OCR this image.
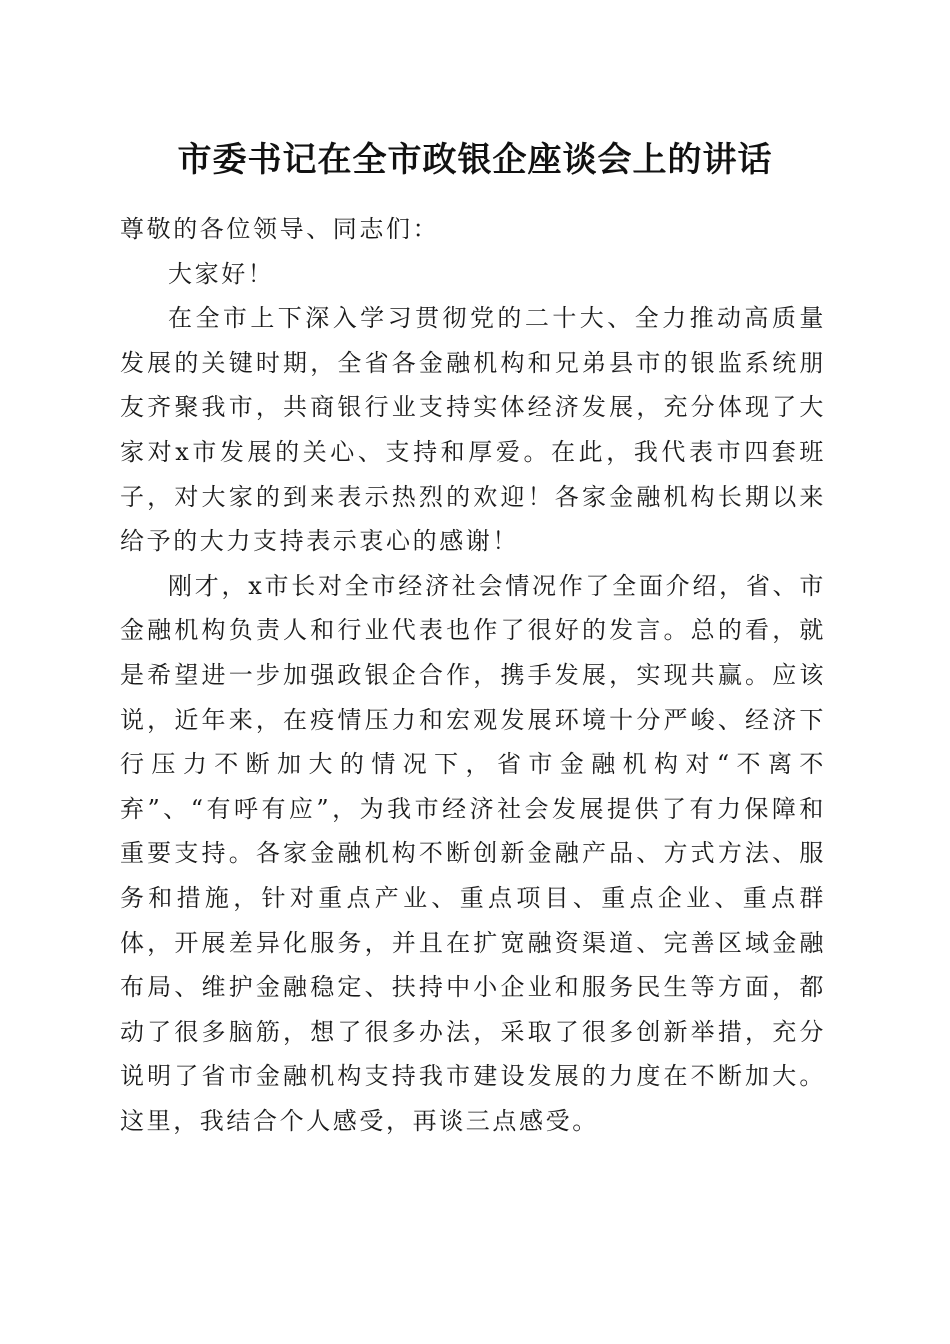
市委书记在全市政银企座谈会上的讲话

尊敬的各位领导、同志们：

大家好！

在全市上下深入学习贯彻党的二十大、全力推动高质量发展的关键时期，全省各金融机构和兄弟县市的银监系统朋友齐聚我市，共商银行业支持实体经济发展，充分体现了大家对x市发展的关心、支持和厚爱。在此，我代表市四套班子，对大家的到来表示热烈的欢迎！各家金融机构长期以来给予的大力支持表示衷心的感谢！

刚才，x市长对全市经济社会情况作了全面介绍，省、市金融机构负责人和行业代表也作了很好的发言。总的看，就是希望进一步加强政银企合作，携手发展，实现共赢。应该说，近年来，在疫情压力和宏观发展环境十分严峻、经济下行压力不断加大的情况下，省市金融机构对“不离不弃”、“有呼有应”，为我市经济社会发展提供了有力保障和重要支持。各家金融机构不断创新金融产品、方式方法、服务和措施，针对重点产业、重点项目、重点企业、重点群体，开展差异化服务，并且在扩宽融资渠道、完善区域金融布局、维护金融稳定、扶持中小企业和服务民生等方面，都动了很多脑筋，想了很多办法，采取了很多创新举措，充分说明了省市金融机构支持我市建设发展的力度在不断加大。这里，我结合个人感受，再谈三点感受。
